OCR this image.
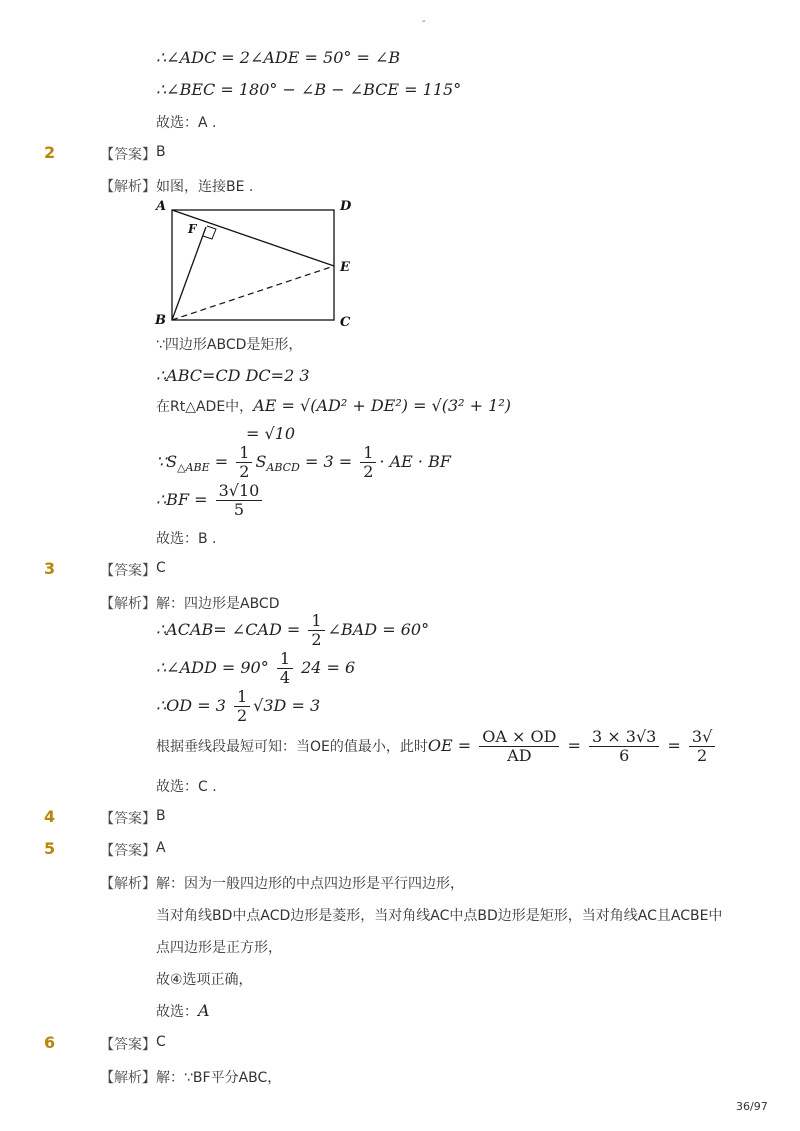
-
∴∠ADC = 2∠ADE = 50° = ∠B
∴∠BEC = 180° − ∠B − ∠BCE = 115°
故选：A .
2	【答案】 B
【解析】 如图，连接BE .
A	D
E
F
B	C
∵四边形ABCD是矩形，
∴ABC=CD DC=2 3
在Rt△ADE中，AE = √(AD² + DE²) = √(3² + 1²)
= √10
$\because S_{\triangle ABE} = \frac{1}{2} S_{ABCD} = 3 = \frac{1}{2}$ · AE · BF
∴BF = $\frac{3√10}{5}$
故选：B .
3	【答案】 C
【解析】 解：四边形是ABCD
∴ACAB= ∠CAD = $\frac{1}{2}$ ∠BAD = 60°
∴∠ADD = $90^\circ \frac{1}{4} 24 = 6$
∴OD = $3 \frac{1}{2} √3D = 3$
根据垂线段最短可知：当OE的值最小，此时OE = $\frac{OA \times OD}{AD} = \frac{3 \times 3√3}{6} = \frac{3√}{2}$
故选：C .
4	【答案】 B
5	【答案】 A
【解析】 解：因为一般四边形的中点四边形是平行四边形，
当对角线BD中点ACD边形是菱形，当对角线AC中点BD边形是矩形，当对角线AC且ACBE中
点四边形是正方形，
故④选项正确，
故选：A
6	【答案】 C
【解析】 解：∵BF平分ABC，
36/97
